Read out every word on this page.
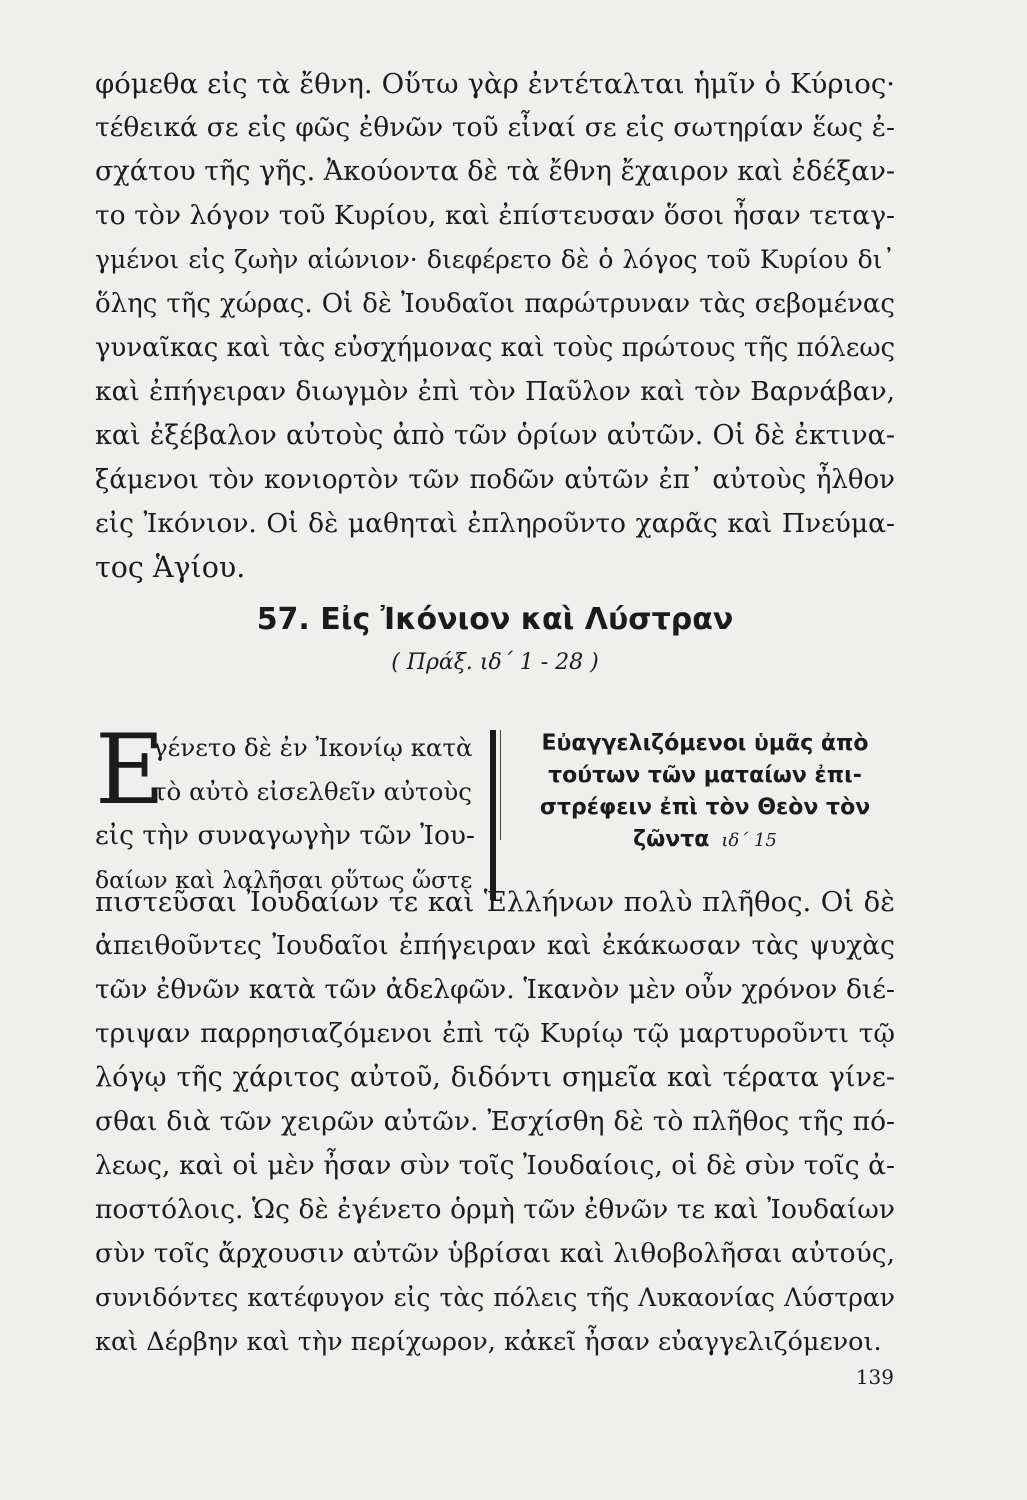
φόμεθα εἰς τὰ ἔθνη. Οὕτω γὰρ ἐντέταλται ἡμῖν ὁ Κύριος·
τέθεικά σε εἰς φῶς ἐθνῶν τοῦ εἶναί σε εἰς σωτηρίαν ἕως ἐ-
σχάτου τῆς γῆς. Ἀκούοντα δὲ τὰ ἔθνη ἔχαιρον καὶ ἐδέξαν-
το τὸν λόγον τοῦ Κυρίου, καὶ ἐπίστευσαν ὅσοι ἦσαν τεταγ-
γμένοι εἰς ζωὴν αἰώνιον· διεφέρετο δὲ ὁ λόγος τοῦ Κυρίου δι᾿
ὅλης τῆς χώρας. Οἱ δὲ Ἰουδαῖοι παρώτρυναν τὰς σεβομένας
γυναῖκας καὶ τὰς εὐσχήμονας καὶ τοὺς πρώτους τῆς πόλεως
καὶ ἐπήγειραν διωγμὸν ἐπὶ τὸν Παῦλον καὶ τὸν Βαρνάβαν,
καὶ ἐξέβαλον αὐτοὺς ἀπὸ τῶν ὁρίων αὐτῶν. Οἱ δὲ ἐκτινα-
ξάμενοι τὸν κονιορτὸν τῶν ποδῶν αὐτῶν ἐπ᾿ αὐτοὺς ἦλθον
εἰς Ἰκόνιον. Οἱ δὲ μαθηταὶ ἐπληροῦντο χαρᾶς καὶ Πνεύμα-
τος Ἁγίου.
57. Εἰς Ἰκόνιον καὶ Λύστραν
( Πράξ. ιδ´ 1 - 28 )
Ε
γένετο δὲ ἐν Ἰκονίῳ κατὰ
τὸ αὐτὸ εἰσελθεῖν αὐτοὺς
εἰς τὴν συναγωγὴν τῶν Ἰου-
δαίων καὶ λαλῆσαι οὕτως ὥστε
Εὐαγγελιζόμενοι ὑμᾶς ἀπὸ
τούτων τῶν ματαίων ἐπι-
στρέφειν ἐπὶ τὸν Θεὸν τὸν
ζῶντα ιδ´ 15
πιστεῦσαι Ἰουδαίων τε καὶ Ἑλλήνων πολὺ πλῆθος. Οἱ δὲ
ἀπειθοῦντες Ἰουδαῖοι ἐπήγειραν καὶ ἐκάκωσαν τὰς ψυχὰς
τῶν ἐθνῶν κατὰ τῶν ἀδελφῶν. Ἱκανὸν μὲν οὖν χρόνον διέ-
τριψαν παρρησιαζόμενοι ἐπὶ τῷ Κυρίῳ τῷ μαρτυροῦντι τῷ
λόγῳ τῆς χάριτος αὐτοῦ, διδόντι σημεῖα καὶ τέρατα γίνε-
σθαι διὰ τῶν χειρῶν αὐτῶν. Ἐσχίσθη δὲ τὸ πλῆθος τῆς πό-
λεως, καὶ οἱ μὲν ἦσαν σὺν τοῖς Ἰουδαίοις, οἱ δὲ σὺν τοῖς ἀ-
ποστόλοις. Ὡς δὲ ἐγένετο ὁρμὴ τῶν ἐθνῶν τε καὶ Ἰουδαίων
σὺν τοῖς ἄρχουσιν αὐτῶν ὑβρίσαι καὶ λιθοβολῆσαι αὐτούς,
συνιδόντες κατέφυγον εἰς τὰς πόλεις τῆς Λυκαονίας Λύστραν
καὶ Δέρβην καὶ τὴν περίχωρον, κἀκεῖ ἦσαν εὐαγγελιζόμενοι.
139
